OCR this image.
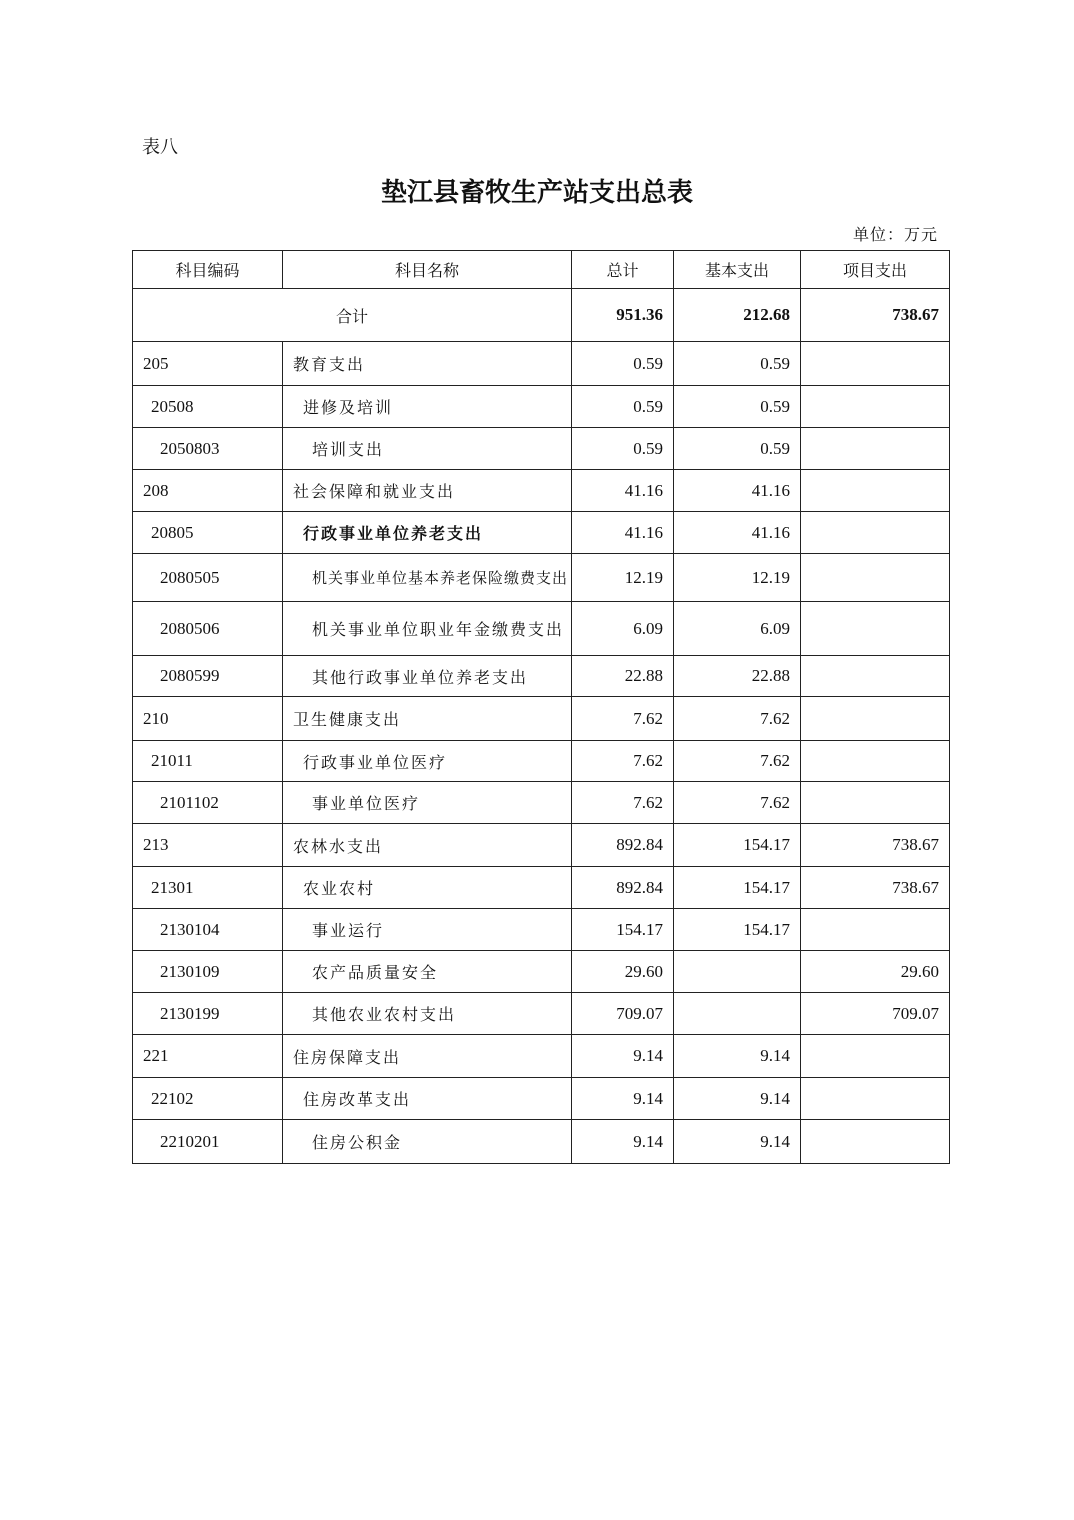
表八
垫江县畜牧生产站支出总表
单位：万元
科目编码	科目名称	总计	基本支出	项目支出
合计		951.36	212.68	738.67
205	教育支出	0.59	0.59	
20508	进修及培训	0.59	0.59	
2050803	培训支出	0.59	0.59	
208	社会保障和就业支出	41.16	41.16	
20805	行政事业单位养老支出	41.16	41.16	
2080505	机关事业单位基本养老保险缴费支出	12.19	12.19	
2080506	机关事业单位职业年金缴费支出	6.09	6.09	
2080599	其他行政事业单位养老支出	22.88	22.88	
210	卫生健康支出	7.62	7.62	
21011	行政事业单位医疗	7.62	7.62	
2101102	事业单位医疗	7.62	7.62	
213	农林水支出	892.84	154.17	738.67
21301	农业农村	892.84	154.17	738.67
2130104	事业运行	154.17	154.17	
2130109	农产品质量安全	29.60		29.60
2130199	其他农业农村支出	709.07		709.07
221	住房保障支出	9.14	9.14	
22102	住房改革支出	9.14	9.14	
2210201	住房公积金	9.14	9.14	
